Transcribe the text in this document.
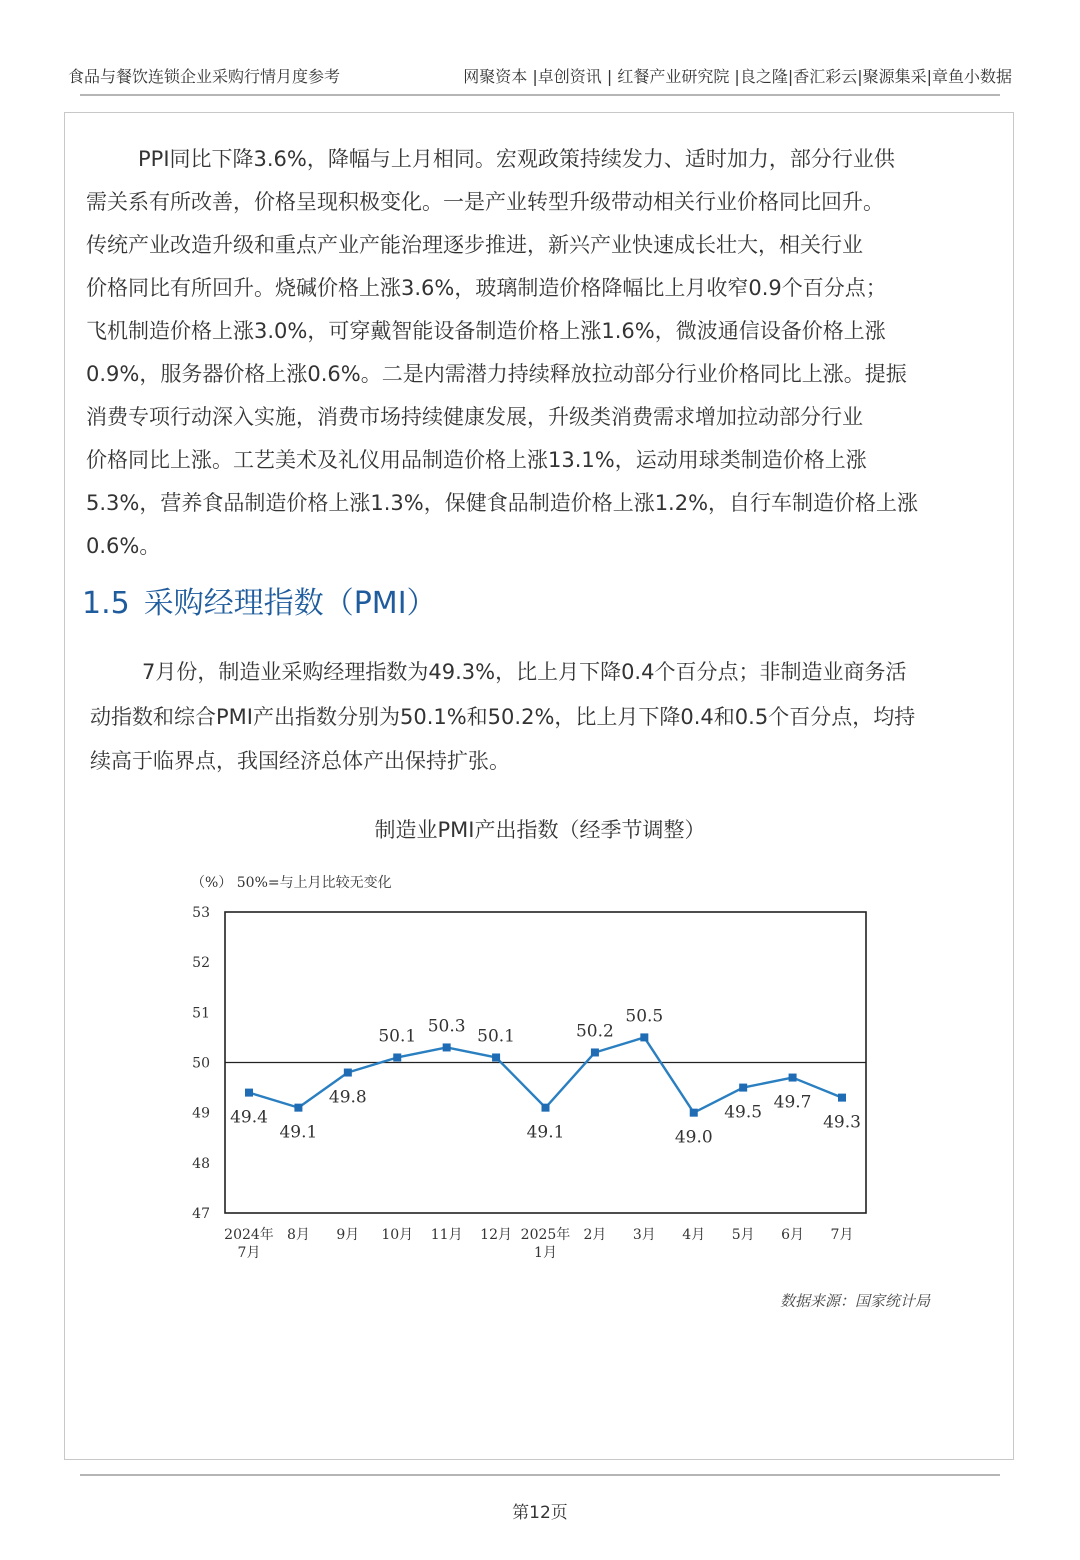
食品与餐饮连锁企业采购行情月度参考	网聚资本 |卓创资讯 | 红餐产业研究院 |良之隆|香汇彩云|聚源集采|章鱼小数据

PPI同比下降3.6%，降幅与上月相同。宏观政策持续发力、适时加力，部分行业供
需关系有所改善，价格呈现积极变化。一是产业转型升级带动相关行业价格同比回升。
传统产业改造升级和重点产业产能治理逐步推进，新兴产业快速成长壮大，相关行业
价格同比有所回升。烧碱价格上涨3.6%，玻璃制造价格降幅比上月收窄0.9个百分点；
飞机制造价格上涨3.0%，可穿戴智能设备制造价格上涨1.6%，微波通信设备价格上涨
0.9%，服务器价格上涨0.6%。二是内需潜力持续释放拉动部分行业价格同比上涨。提振
消费专项行动深入实施，消费市场持续健康发展，升级类消费需求增加拉动部分行业
价格同比上涨。工艺美术及礼仪用品制造价格上涨13.1%，运动用球类制造价格上涨
5.3%，营养食品制造价格上涨1.3%，保健食品制造价格上涨1.2%，自行车制造价格上涨
0.6%。

1.5 采购经理指数（PMI）

7月份，制造业采购经理指数为49.3%，比上月下降0.4个百分点；非制造业商务活
动指数和综合PMI产出指数分别为50.1%和50.2%，比上月下降0.4和0.5个百分点，均持
续高于临界点，我国经济总体产出保持扩张。

制造业PMI产出指数（经季节调整）
（%） 50%=与上月比较无变化
47
48
49
50
51
52
53
2024年
7月
8月 9月 10月 11月 12月 2025年
1月
2月 3月 4月 5月 6月 7月
49.4
49.1
49.8
50.1
50.3
50.1
49.1
50.2
50.5
49.0
49.5
49.7
49.3
数据来源：国家统计局
第12页
